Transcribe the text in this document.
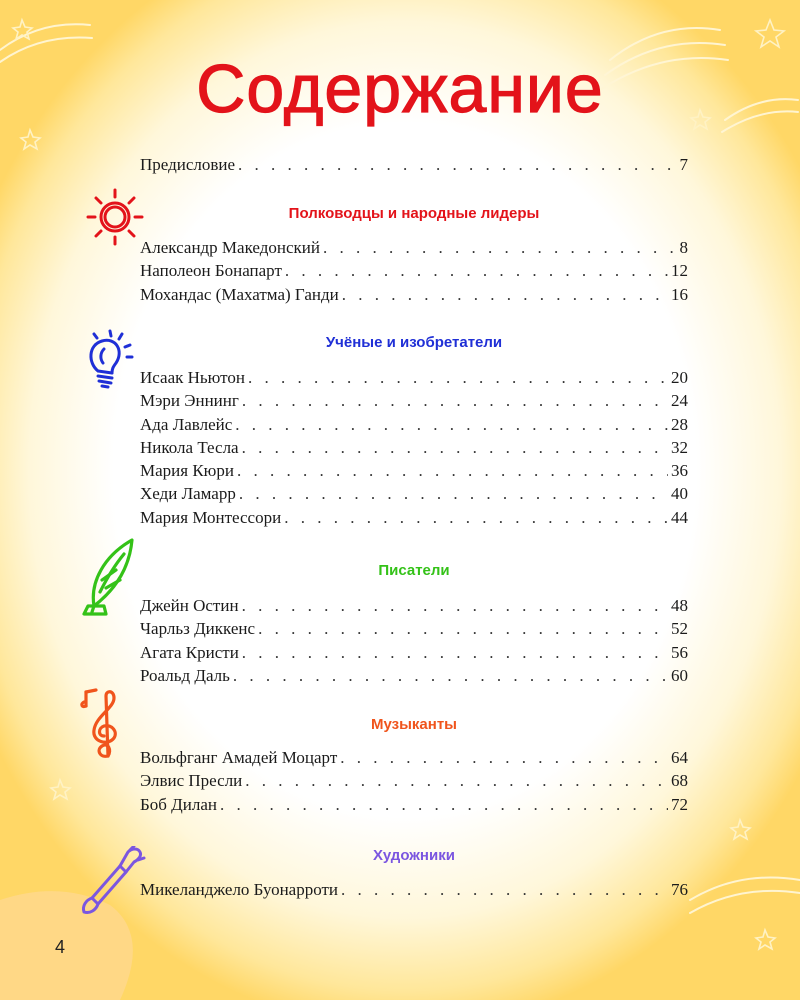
Содержание
Предисловие . . .	7
Полководцы и народные лидеры
Александр Македонский . . .	8
Наполеон Бонапарт . . .	12
Мохандас (Махатма) Ганди . . .	16
Учёные и изобретатели
Исаак Ньютон . . .	20
Мэри Эннинг . . .	24
Ада Лавлейс . . .	28
Никола Тесла . . .	32
Мария Кюри . . .	36
Хеди Ламарр . . .	40
Мария Монтессори . . .	44
Писатели
Джейн Остин . . .	48
Чарльз Диккенс . . .	52
Агата Кристи . . .	56
Роальд Даль . . .	60
Музыканты
Вольфганг Амадей Моцарт . . .	64
Элвис Пресли . . .	68
Боб Дилан . . .	72
Художники
Микеланджело Буонарроти . . .	76
4
